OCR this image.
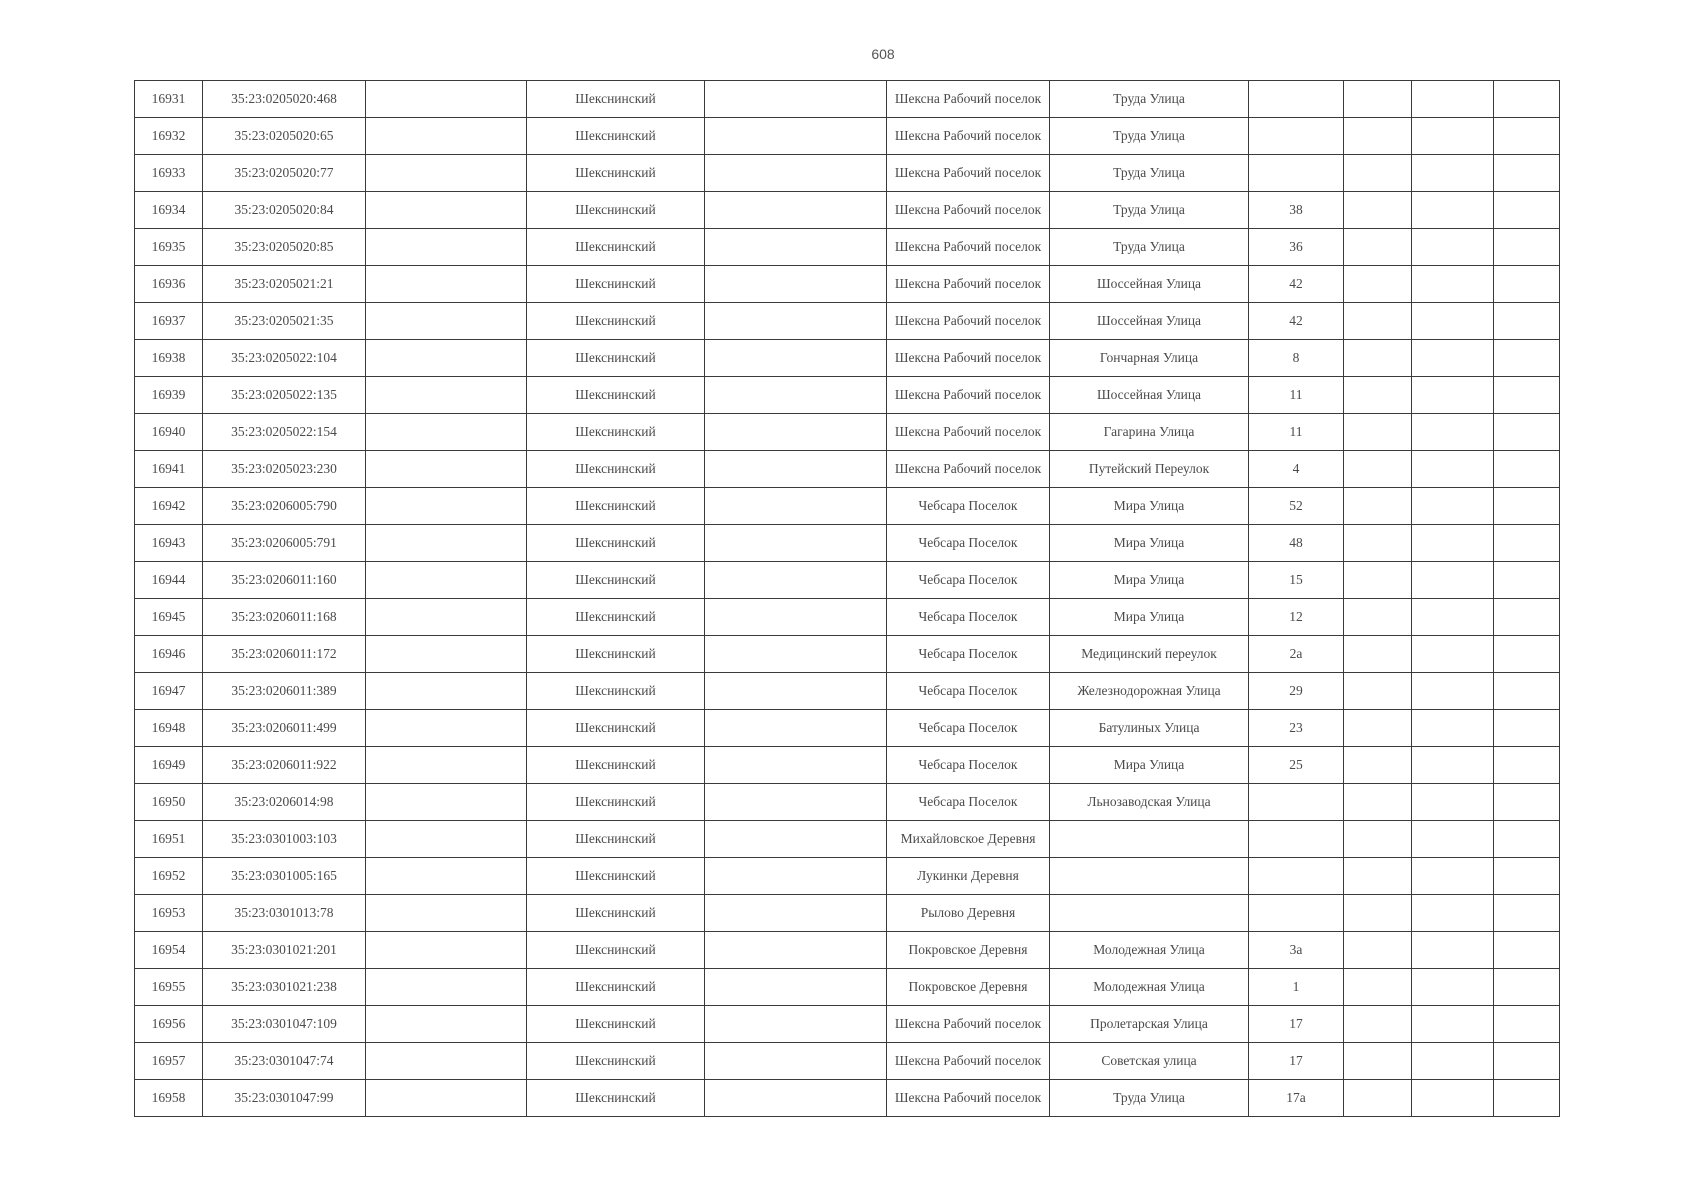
608
16931	35:23:0205020:468		Шекснинский		Шексна Рабочий поселок	Труда Улица				
16932	35:23:0205020:65		Шекснинский		Шексна Рабочий поселок	Труда Улица				
16933	35:23:0205020:77		Шекснинский		Шексна Рабочий поселок	Труда Улица				
16934	35:23:0205020:84		Шекснинский		Шексна Рабочий поселок	Труда Улица	38			
16935	35:23:0205020:85		Шекснинский		Шексна Рабочий поселок	Труда Улица	36			
16936	35:23:0205021:21		Шекснинский		Шексна Рабочий поселок	Шоссейная Улица	42			
16937	35:23:0205021:35		Шекснинский		Шексна Рабочий поселок	Шоссейная Улица	42			
16938	35:23:0205022:104		Шекснинский		Шексна Рабочий поселок	Гончарная Улица	8			
16939	35:23:0205022:135		Шекснинский		Шексна Рабочий поселок	Шоссейная Улица	11			
16940	35:23:0205022:154		Шекснинский		Шексна Рабочий поселок	Гагарина Улица	11			
16941	35:23:0205023:230		Шекснинский		Шексна Рабочий поселок	Путейский Переулок	4			
16942	35:23:0206005:790		Шекснинский		Чебсара Поселок	Мира Улица	52			
16943	35:23:0206005:791		Шекснинский		Чебсара Поселок	Мира Улица	48			
16944	35:23:0206011:160		Шекснинский		Чебсара Поселок	Мира Улица	15			
16945	35:23:0206011:168		Шекснинский		Чебсара Поселок	Мира Улица	12			
16946	35:23:0206011:172		Шекснинский		Чебсара Поселок	Медицинский переулок	2а			
16947	35:23:0206011:389		Шекснинский		Чебсара Поселок	Железнодорожная Улица	29			
16948	35:23:0206011:499		Шекснинский		Чебсара Поселок	Батулиных Улица	23			
16949	35:23:0206011:922		Шекснинский		Чебсара Поселок	Мира Улица	25			
16950	35:23:0206014:98		Шекснинский		Чебсара Поселок	Льнозаводская Улица				
16951	35:23:0301003:103		Шекснинский		Михайловское Деревня					
16952	35:23:0301005:165		Шекснинский		Лукинки Деревня					
16953	35:23:0301013:78		Шекснинский		Рылово Деревня					
16954	35:23:0301021:201		Шекснинский		Покровское Деревня	Молодежная Улица	3а			
16955	35:23:0301021:238		Шекснинский		Покровское Деревня	Молодежная Улица	1			
16956	35:23:0301047:109		Шекснинский		Шексна Рабочий поселок	Пролетарская Улица	17			
16957	35:23:0301047:74		Шекснинский		Шексна Рабочий поселок	Советская улица	17			
16958	35:23:0301047:99		Шекснинский		Шексна Рабочий поселок	Труда Улица	17а			
